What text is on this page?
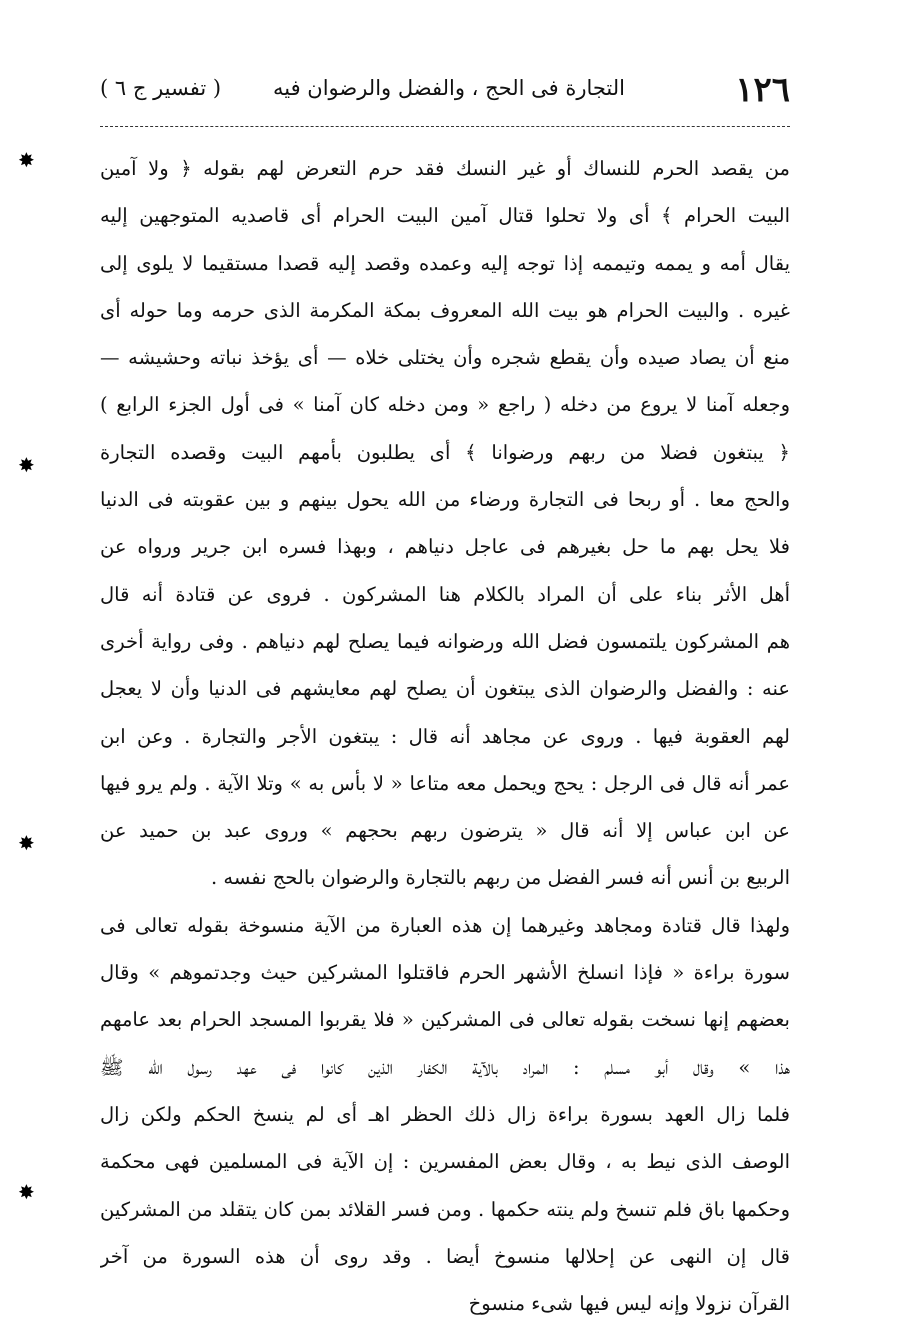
١٢٦
التجارة فى الحج ، والفضل والرضوان فيه
( تفسير ج ٦ )
من يقصد الحرم للنساك أو غير النسك فقد حرم التعرض لهم بقوله ﴿ ولا آمين
البيت الحرام ﴾ أى ولا تحلوا قتال آمين البيت الحرام أى قاصديه المتوجهين إليه
يقال أمه و يممه وتيممه إذا توجه إليه وعمده وقصد إليه قصدا مستقيما لا يلوى إلى
غيره . والبيت الحرام هو بيت الله المعروف بمكة المكرمة الذى حرمه وما حوله أى
منع أن يصاد صيده وأن يقطع شجره وأن يختلى خلاه — أى يؤخذ نباته وحشيشه —
وجعله آمنا لا يروع من دخله ( راجع « ومن دخله كان آمنا » فى أول الجزء الرابع )
﴿ يبتغون فضلا من ربهم ورضوانا ﴾ أى يطلبون بأمهم البيت وقصده التجارة
والحج معا . أو ربحا فى التجارة ورضاء من الله يحول بينهم و بين عقوبته فى الدنيا
فلا يحل بهم ما حل بغيرهم فى عاجل دنياهم ، وبهذا فسره ابن جرير ورواه عن
أهل الأثر بناء على أن المراد بالكلام هنا المشركون . فروى عن قتادة أنه قال
هم المشركون يلتمسون فضل الله ورضوانه فيما يصلح لهم دنياهم . وفى رواية أخرى
عنه : والفضل والرضوان الذى يبتغون أن يصلح لهم معايشهم فى الدنيا وأن لا يعجل
لهم العقوبة فيها . وروى عن مجاهد أنه قال : يبتغون الأجر والتجارة . وعن ابن
عمر أنه قال فى الرجل : يحج ويحمل معه متاعا « لا بأس به » وتلا الآية . ولم يرو فيها
عن ابن عباس إلا أنه قال « يترضون ربهم بحجهم » وروى عبد بن حميد عن
الربيع بن أنس أنه فسر الفضل من ربهم بالتجارة والرضوان بالحج نفسه .
ولهذا قال قتادة ومجاهد وغيرهما إن هذه العبارة من الآية منسوخة بقوله تعالى فى
سورة براءة « فإذا انسلخ الأشهر الحرم فاقتلوا المشركين حيث وجدتموهم » وقال
بعضهم إنها نسخت بقوله تعالى فى المشركين « فلا يقربوا المسجد الحرام بعد عامهم
هذا » وقال أبو مسلم : المراد بالآية الكفار الذين كانوا فى عهد رسول الله ﷺ
فلما زال العهد بسورة براءة زال ذلك الحظر اهـ أى لم ينسخ الحكم ولكن زال
الوصف الذى نيط به ، وقال بعض المفسرين : إن الآية فى المسلمين فهى محكمة
وحكمها باق فلم تنسخ ولم ينته حكمها . ومن فسر القلائد بمن كان يتقلد من المشركين
قال إن النهى عن إحلالها منسوخ أيضا . وقد روى أن هذه السورة من آخر
القرآن نزولا وإنه ليس فيها شىء منسوخ
✸
✸
✸
✸
